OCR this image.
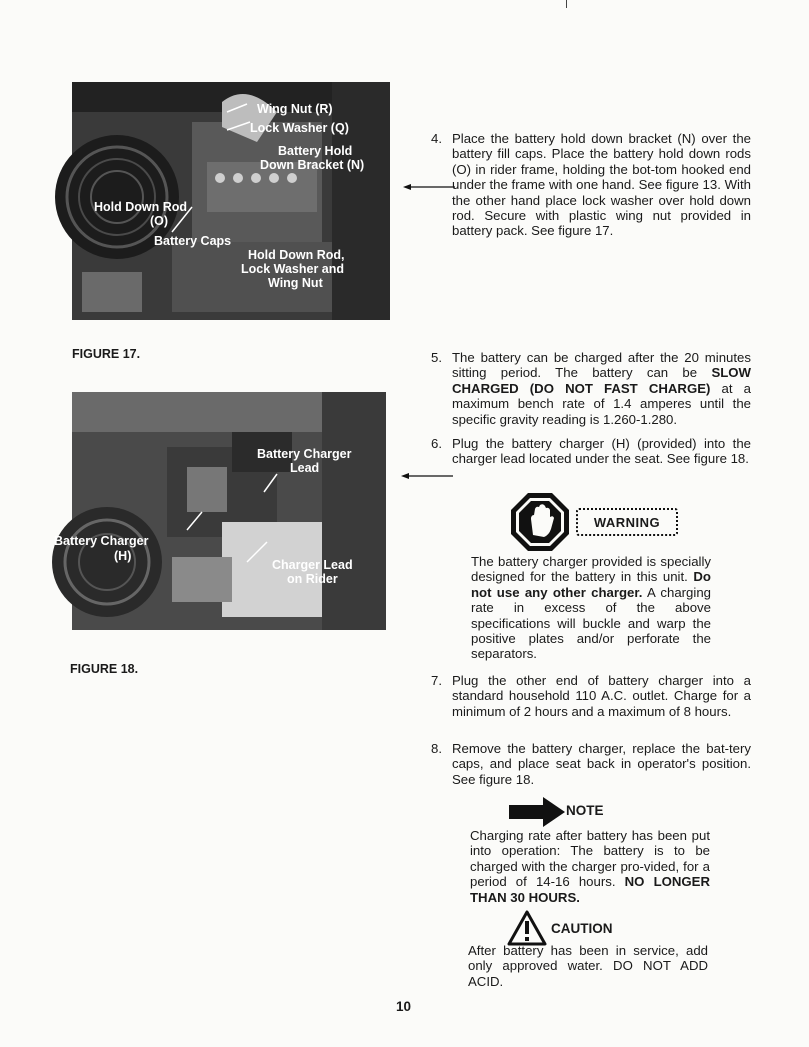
Wing Nut (R)
Lock Washer (Q)
Battery Hold
Down Bracket (N)
Hold Down Rod
(O)
Battery Caps
Hold Down Rod,
Lock Washer and
Wing Nut
FIGURE 17.
Battery Charger
Lead
Battery Charger
(H)
Charger Lead
on Rider
FIGURE 18.
4. Place the battery hold down bracket (N) over the battery fill caps. Place the battery hold down rods (O) in rider frame, holding the bot-tom hooked end under the frame with one hand. See figure 13. With the other hand place lock washer over hold down rod. Secure with plastic wing nut provided in battery pack. See figure 17.
5. The battery can be charged after the 20 minutes sitting period. The battery can be SLOW CHARGED (DO NOT FAST CHARGE) at a maximum bench rate of 1.4 amperes until the specific gravity reading is 1.260-1.280.
6. Plug the battery charger (H) (provided) into the charger lead located under the seat. See figure 18.
WARNING
The battery charger provided is specially designed for the battery in this unit. Do not use any other charger. A charging rate in excess of the above specifications will buckle and warp the positive plates and/or perforate the separators.
7. Plug the other end of battery charger into a standard household 110 A.C. outlet. Charge for a minimum of 2 hours and a maximum of 8 hours.
8. Remove the battery charger, replace the bat-tery caps, and place seat back in operator's position. See figure 18.
NOTE
Charging rate after battery has been put into operation: The battery is to be charged with the charger pro-vided, for a period of 14-16 hours. NO LONGER THAN 30 HOURS.
CAUTION
After battery has been in service, add only approved water. DO NOT ADD ACID.
10
